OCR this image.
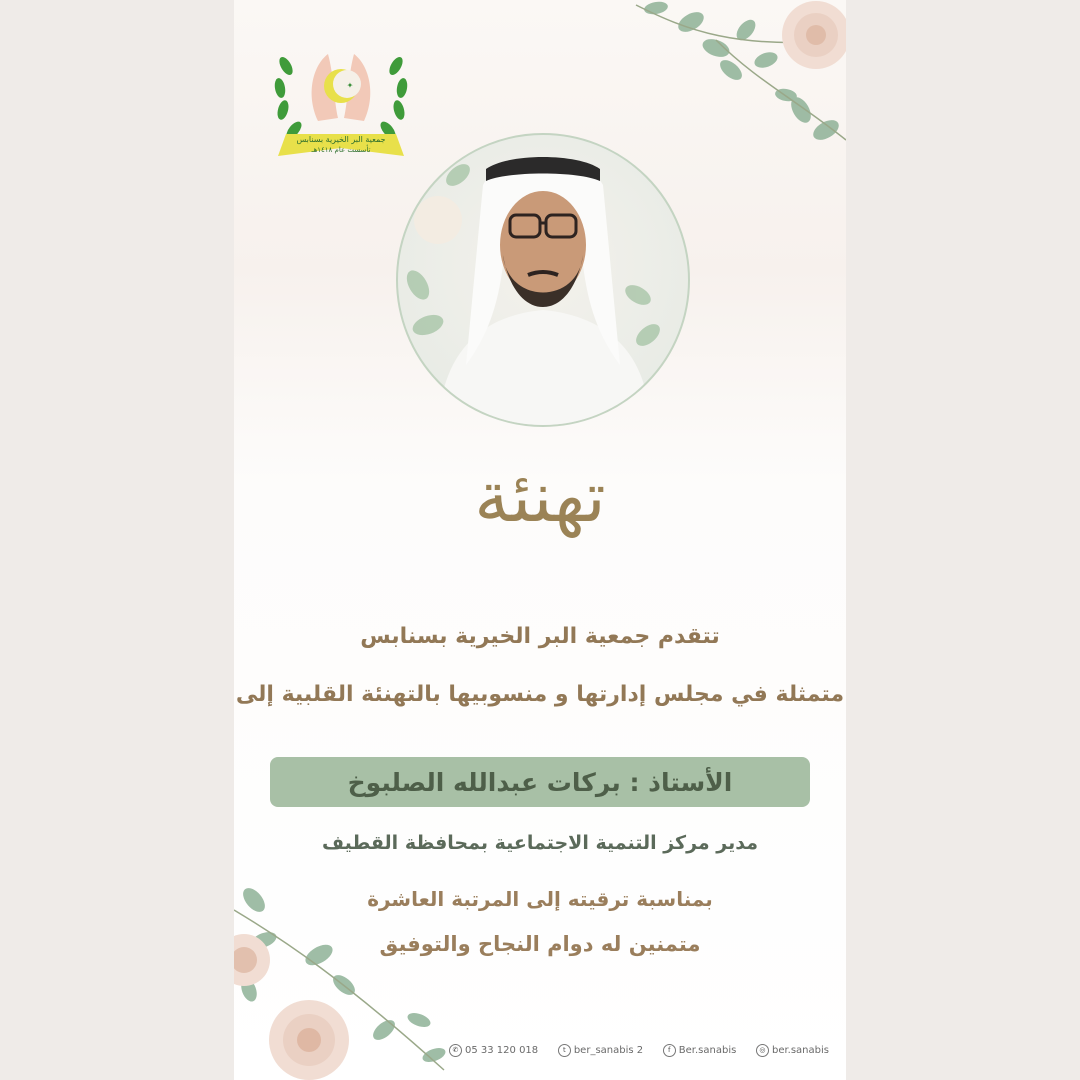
✦
جمعية البر الخيرية بسنابس
تأسست عام ١٤١٨هـ
تهنئة
تتقدم جمعية البر الخيرية بسنابس
متمثلة في مجلس إدارتها و منسوبيها بالتهنئة القلبية إلى
الأستاذ : بركات عبدالله الصلبوخ
مدير مركز التنمية الاجتماعية بمحافظة القطيف
بمناسبة ترقيته إلى المرتبة العاشرة
متمنين له دوام النجاح والتوفيق
✆ 05 33 120 018	t ber_sanabis 2	f Ber.sanabis	◎ ber.sanabis
